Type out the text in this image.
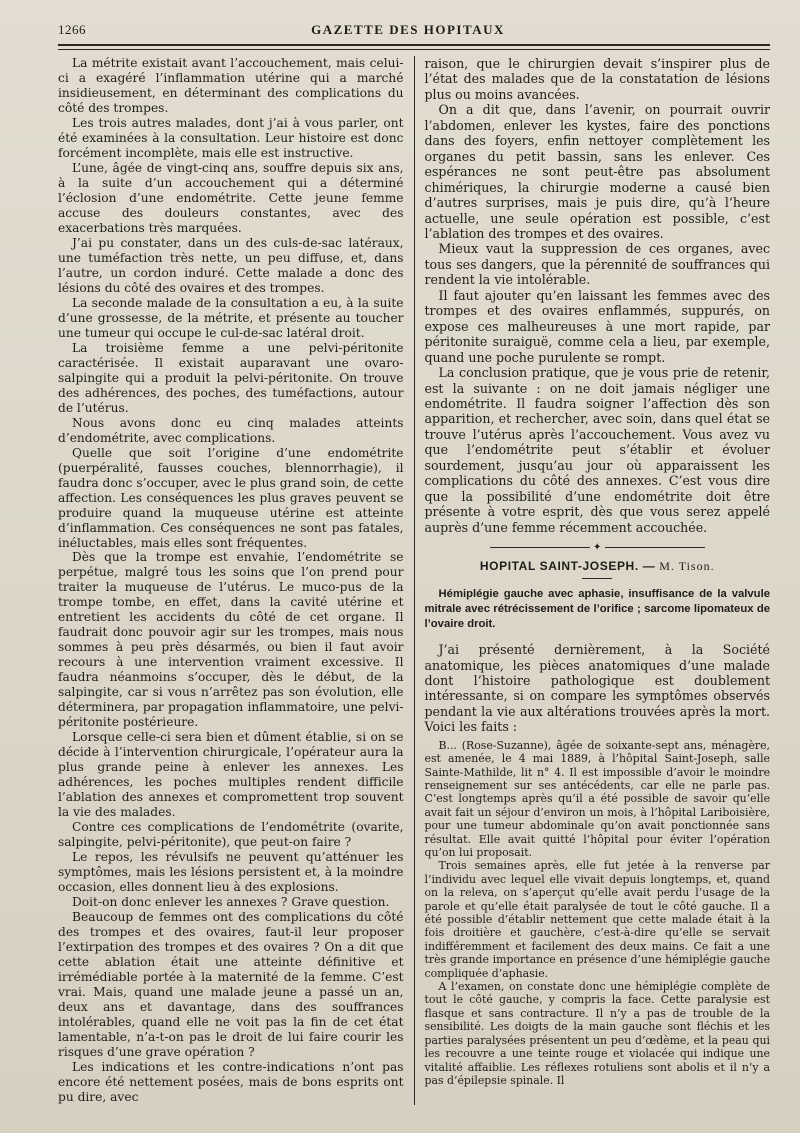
1266	GAZETTE DES HOPITAUX

La métrite existait avant l’accouchement, mais celui-ci a exagéré l’inflammation utérine qui a marché insidieusement, en déterminant des complications du côté des trompes.

Les trois autres malades, dont j’ai à vous parler, ont été examinées à la consultation. Leur histoire est donc forcément incomplète, mais elle est instructive.

L’une, âgée de vingt-cinq ans, souffre depuis six ans, à la suite d’un accouchement qui a déterminé l’éclosion d’une endométrite. Cette jeune femme accuse des douleurs constantes, avec des exacerbations très marquées.

J’ai pu constater, dans un des culs-de-sac latéraux, une tuméfaction très nette, un peu diffuse, et, dans l’autre, un cordon induré. Cette malade a donc des lésions du côté des ovaires et des trompes.

La seconde malade de la consultation a eu, à la suite d’une grossesse, de la métrite, et présente au toucher une tumeur qui occupe le cul-de-sac latéral droit.

La troisième femme a une pelvi-péritonite caractérisée. Il existait auparavant une ovaro-salpingite qui a produit la pelvi-péritonite. On trouve des adhérences, des poches, des tuméfactions, autour de l’utérus.

Nous avons donc eu cinq malades atteints d’endométrite, avec complications.

Quelle que soit l’origine d’une endométrite (puerpéralité, fausses couches, blennorrhagie), il faudra donc s’occuper, avec le plus grand soin, de cette affection. Les conséquences les plus graves peuvent se produire quand la muqueuse utérine est atteinte d’inflammation. Ces conséquences ne sont pas fatales, inéluctables, mais elles sont fréquentes.

Dès que la trompe est envahie, l’endométrite se perpétue, malgré tous les soins que l’on prend pour traiter la muqueuse de l’utérus. Le muco-pus de la trompe tombe, en effet, dans la cavité utérine et entretient les accidents du côté de cet organe. Il faudrait donc pouvoir agir sur les trompes, mais nous sommes à peu près désarmés, ou bien il faut avoir recours à une intervention vraiment excessive. Il faudra néanmoins s’occuper, dès le début, de la salpingite, car si vous n’arrêtez pas son évolution, elle déterminera, par propagation inflammatoire, une pelvi-péritonite postérieure.

Lorsque celle-ci sera bien et dûment établie, si on se décide à l’intervention chirurgicale, l’opérateur aura la plus grande peine à enlever les annexes. Les adhérences, les poches multiples rendent difficile l’ablation des annexes et compromettent trop souvent la vie des malades.

Contre ces complications de l’endométrite (ovarite, salpingite, pelvi-péritonite), que peut-on faire ?

Le repos, les révulsifs ne peuvent qu’atténuer les symptômes, mais les lésions persistent et, à la moindre occasion, elles donnent lieu à des explosions.

Doit-on donc enlever les annexes ? Grave question.

Beaucoup de femmes ont des complications du côté des trompes et des ovaires, faut-il leur proposer l’extirpation des trompes et des ovaires ? On a dit que cette ablation était une atteinte définitive et irrémédiable portée à la maternité de la femme. C’est vrai. Mais, quand une malade jeune a passé un an, deux ans et davantage, dans des souffrances intolérables, quand elle ne voit pas la fin de cet état lamentable, n’a-t-on pas le droit de lui faire courir les risques d’une grave opération ?

Les indications et les contre-indications n’ont pas encore été nettement posées, mais de bons esprits ont pu dire, avec

raison, que le chirurgien devait s’inspirer plus de l’état des malades que de la constatation de lésions plus ou moins avancées.

On a dit que, dans l’avenir, on pourrait ouvrir l’abdomen, enlever les kystes, faire des ponctions dans des foyers, enfin nettoyer complètement les organes du petit bassin, sans les enlever. Ces espérances ne sont peut-être pas absolument chimériques, la chirurgie moderne a causé bien d’autres surprises, mais je puis dire, qu’à l’heure actuelle, une seule opération est possible, c’est l’ablation des trompes et des ovaires.

Mieux vaut la suppression de ces organes, avec tous ses dangers, que la pérennité de souffrances qui rendent la vie intolérable.

Il faut ajouter qu’en laissant les femmes avec des trompes et des ovaires enflammés, suppurés, on expose ces malheureuses à une mort rapide, par péritonite suraiguë, comme cela a lieu, par exemple, quand une poche purulente se rompt.

La conclusion pratique, que je vous prie de retenir, est la suivante : on ne doit jamais négliger une endométrite. Il faudra soigner l’affection dès son apparition, et rechercher, avec soin, dans quel état se trouve l’utérus après l’accouchement. Vous avez vu que l’endométrite peut s’établir et évoluer sourdement, jusqu’au jour où apparaissent les complications du côté des annexes. C’est vous dire que la possibilité d’une endométrite doit être présente à votre esprit, dès que vous serez appelé auprès d’une femme récemment accouchée.

✦
HOPITAL SAINT-JOSEPH. — M. Tison.
Hémiplégie gauche avec aphasie, insuffisance de la valvule mitrale avec rétrécissement de l’orifice ; sarcome lipomateux de l’ovaire droit.

J’ai présenté dernièrement, à la Société anatomique, les pièces anatomiques d’une malade dont l’histoire pathologique est doublement intéressante, si on compare les symptômes observés pendant la vie aux altérations trouvées après la mort. Voici les faits :

B... (Rose-Suzanne), âgée de soixante-sept ans, ménagère, est amenée, le 4 mai 1889, à l’hôpital Saint-Joseph, salle Sainte-Mathilde, lit n° 4. Il est impossible d’avoir le moindre renseignement sur ses antécédents, car elle ne parle pas. C’est longtemps après qu’il a été possible de savoir qu’elle avait fait un séjour d’environ un mois, à l’hôpital Lariboisière, pour une tumeur abdominale qu’on avait ponctionnée sans résultat. Elle avait quitté l’hôpital pour éviter l’opération qu’on lui proposait.

Trois semaines après, elle fut jetée à la renverse par l’individu avec lequel elle vivait depuis longtemps, et, quand on la releva, on s’aperçut qu’elle avait perdu l’usage de la parole et qu’elle était paralysée de tout le côté gauche. Il a été possible d’établir nettement que cette malade était à la fois droitière et gauchère, c’est-à-dire qu’elle se servait indifféremment et facilement des deux mains. Ce fait a une très grande importance en présence d’une hémiplégie gauche compliquée d’aphasie.

A l’examen, on constate donc une hémiplégie complète de tout le côté gauche, y compris la face. Cette paralysie est flasque et sans contracture. Il n’y a pas de trouble de la sensibilité. Les doigts de la main gauche sont fléchis et les parties paralysées présentent un peu d’œdème, et la peau qui les recouvre a une teinte rouge et violacée qui indique une vitalité affaiblie. Les réflexes rotuliens sont abolis et il n’y a pas d’épilepsie spinale. Il
